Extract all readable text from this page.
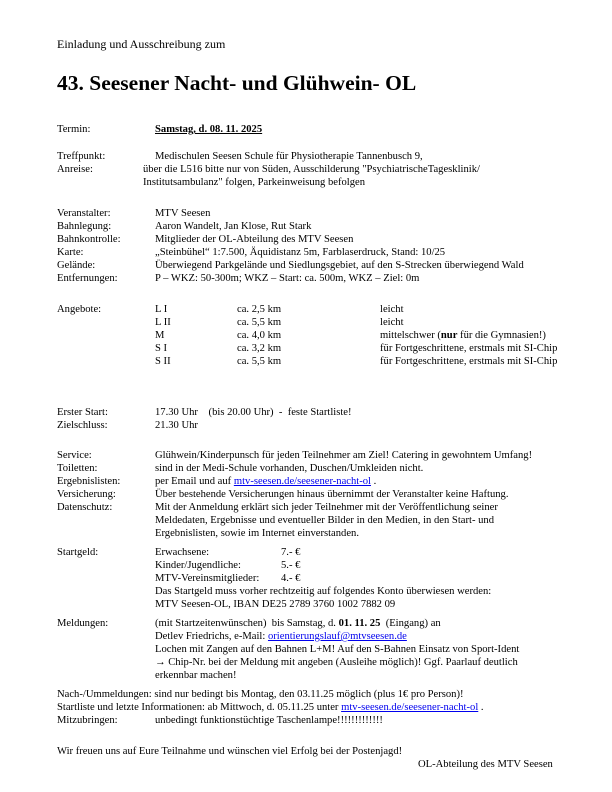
Einladung und Ausschreibung zum
43. Seesener Nacht- und Glühwein- OL
Termin:	Samstag, d. 08. 11. 2025
Treffpunkt:	Medischulen Seesen Schule für Physiotherapie Tannenbusch 9,
Anreise:	über die L516 bitte nur von Süden, Ausschilderung "PsychiatrischeTagesklinik/
Institutsambulanz" folgen, Parkeinweisung befolgen
Veranstalter:	MTV Seesen
Bahnlegung:	Aaron Wandelt, Jan Klose, Rut Stark
Bahnkontrolle:	Mitglieder der OL-Abteilung des MTV Seesen
Karte:	„Steinbühel“ 1:7.500, Äquidistanz 5m, Farblaserdruck, Stand: 10/25
Gelände:	Überwiegend Parkgelände und Siedlungsgebiet, auf den S-Strecken überwiegend Wald
Entfernungen:	P – WKZ: 50-300m; WKZ – Start: ca. 500m, WKZ – Ziel: 0m
Angebote:	L I	ca. 2,5 km	leicht
L II	ca. 5,5 km	leicht
M	ca. 4,0 km	mittelschwer (nur für die Gymnasien!)
S I	ca. 3,2 km	für Fortgeschrittene, erstmals mit SI-Chip
S II	ca. 5,5 km	für Fortgeschrittene, erstmals mit SI-Chip
Erster Start:	17.30 Uhr    (bis 20.00 Uhr)  -  feste Startliste!
Zielschluss:	21.30 Uhr
Service:	Glühwein/Kinderpunsch für jeden Teilnehmer am Ziel! Catering in gewohntem Umfang!
Toiletten:	sind in der Medi-Schule vorhanden, Duschen/Umkleiden nicht.
Ergebnislisten:	per Email und auf mtv-seesen.de/seesener-nacht-ol .
Versicherung:	Über bestehende Versicherungen hinaus übernimmt der Veranstalter keine Haftung.
Datenschutz:	Mit der Anmeldung erklärt sich jeder Teilnehmer mit der Veröffentlichung seiner
Meldedaten, Ergebnisse und eventueller Bilder in den Medien, in den Start- und
Ergebnislisten, sowie im Internet einverstanden.
Startgeld:	Erwachsene:	7.- €
Kinder/Jugendliche:	5.- €
MTV-Vereinsmitglieder: 4.- €
Das Startgeld muss vorher rechtzeitig auf folgendes Konto überwiesen werden:
MTV Seesen-OL, IBAN DE25 2789 3760 1002 7882 09
Meldungen:	(mit Startzeitenwünschen)  bis Samstag, d. 01. 11. 25  (Eingang) an
Detlev Friedrichs, e-Mail: orientierungslauf@mtvseesen.de
Lochen mit Zangen auf den Bahnen L+M! Auf den S-Bahnen Einsatz von Sport-Ident
→ Chip-Nr. bei der Meldung mit angeben (Ausleihe möglich)! Ggf. Paarlauf deutlich
erkennbar machen!
Nach-/Ummeldungen: sind nur bedingt bis Montag, den 03.11.25 möglich (plus 1€ pro Person)!
Startliste und letzte Informationen: ab Mittwoch, d. 05.11.25 unter mtv-seesen.de/seesener-nacht-ol .
Mitzubringen:	unbedingt funktionstüchtige Taschenlampe!!!!!!!!!!!!!
Wir freuen uns auf Eure Teilnahme und wünschen viel Erfolg bei der Postenjagd!
OL-Abteilung des MTV Seesen
